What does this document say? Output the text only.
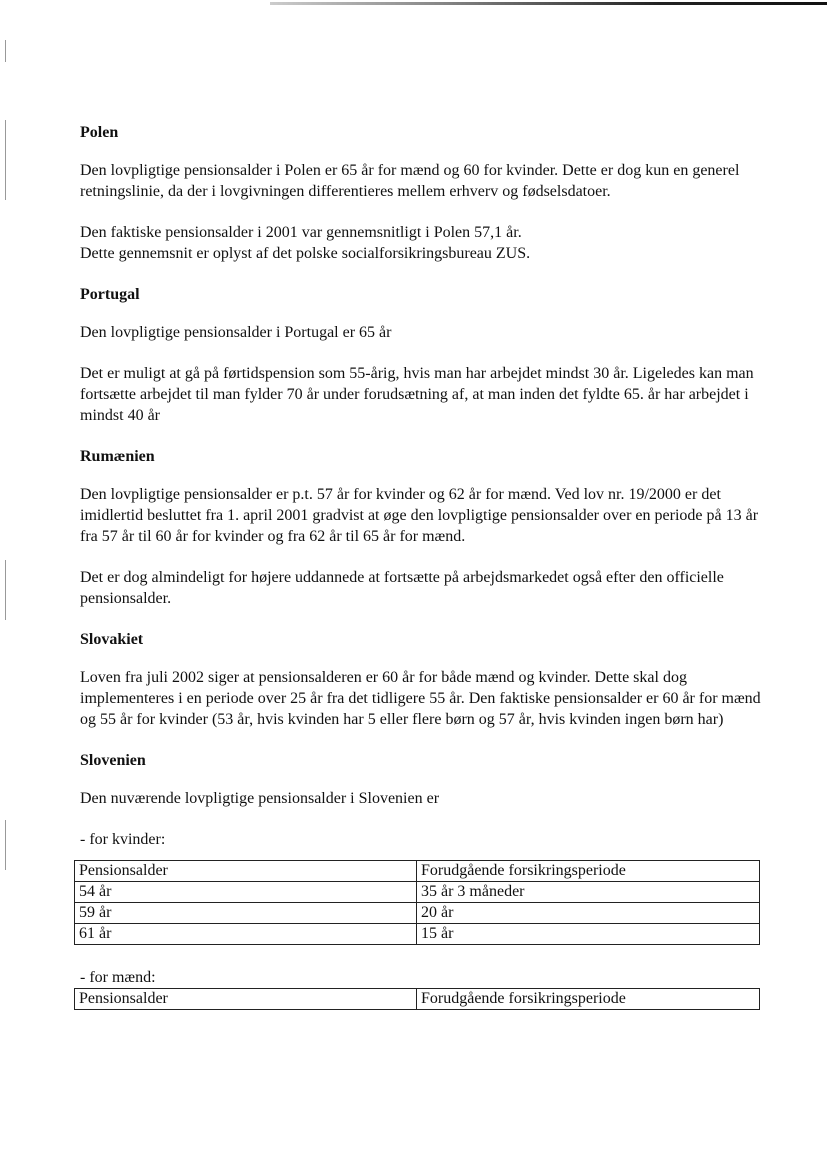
Polen

Den lovpligtige pensionsalder i Polen er 65 år for mænd og 60 for kvinder. Dette er dog kun en generel retningslinie, da der i lovgivningen differentieres mellem erhverv og fødselsdatoer.

Den faktiske pensionsalder i 2001 var gennemsnitligt i Polen 57,1 år.

Dette gennemsnit er oplyst af det polske socialforsikringsbureau ZUS.

Portugal

Den lovpligtige pensionsalder i Portugal er 65 år

Det er muligt at gå på førtidspension som 55-årig, hvis man har arbejdet mindst 30 år. Ligeledes kan man fortsætte arbejdet til man fylder 70 år under forudsætning af, at man inden det fyldte 65. år har arbejdet i mindst 40 år

Rumænien

Den lovpligtige pensionsalder er p.t. 57 år for kvinder og 62 år for mænd. Ved lov nr. 19/2000 er det imidlertid besluttet fra 1. april 2001 gradvist at øge den lovpligtige pensionsalder over en periode på 13 år fra 57 år til 60 år for kvinder og fra 62 år til 65 år for mænd.

Det er dog almindeligt for højere uddannede at fortsætte på arbejdsmarkedet også efter den officielle pensionsalder.

Slovakiet

Loven fra juli 2002 siger at pensionsalderen er 60 år for både mænd og kvinder. Dette skal dog implementeres i en periode over 25 år fra det tidligere 55 år. Den faktiske pensionsalder er 60 år for mænd og 55 år for kvinder (53 år, hvis kvinden har 5 eller flere børn og 57 år, hvis kvinden ingen børn har)

Slovenien

Den nuværende lovpligtige pensionsalder i Slovenien er

- for kvinder:

Pensionsalder	Forudgående forsikringsperiode
54 år	35 år 3 måneder
59 år	20 år
61 år	15 år

- for mænd:

Pensionsalder	Forudgående forsikringsperiode
